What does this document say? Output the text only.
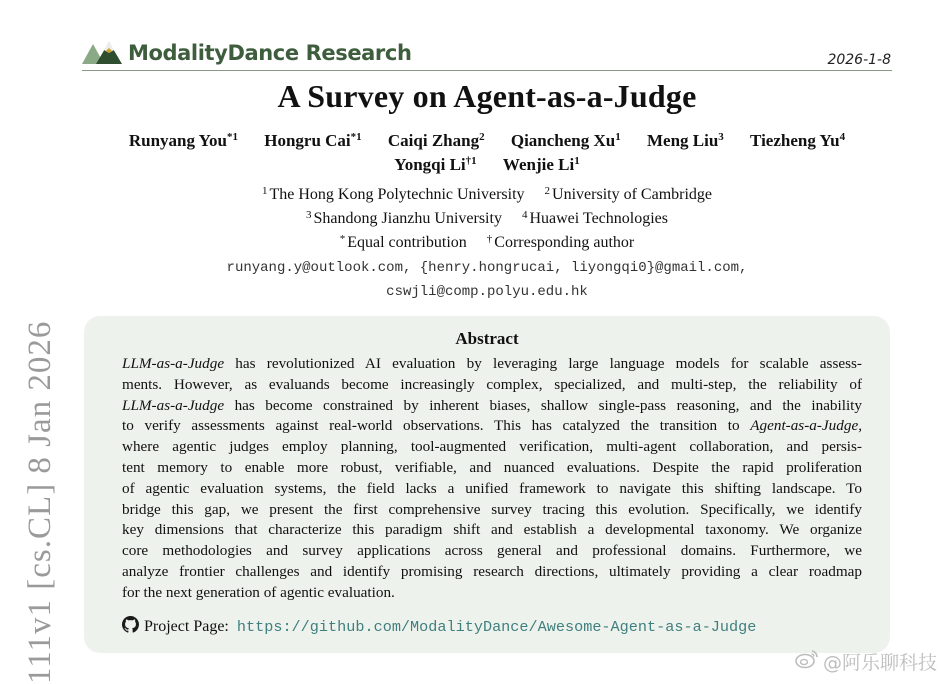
ModalityDance Research	2026-1-8
A Survey on Agent-as-a-Judge
Runyang You$^{*1}$ Hongru Cai$^{*1}$ Caiqi Zhang$^2$ Qiancheng Xu$^1$ Meng Liu$^3$ Tiezheng Yu$^4$
Yongqi Li$^{\dagger 1}$ Wenjie Li$^1$
$^1$ The Hong Kong Polytechnic University $^2$ University of Cambridge
$^3$ Shandong Jianzhu University $^4$ Huawei Technologies
* Equal contribution † Corresponding author
runyang.y@outlook.com, {henry.hongrucai, liyongqi0}@gmail.com,
cswjli@comp.polyu.edu.hk
Abstract
LLM-as-a-Judge has revolutionized AI evaluation by leveraging large language models for scalable assess-
ments. However, as evaluands become increasingly complex, specialized, and multi-step, the reliability of
LLM-as-a-Judge has become constrained by inherent biases, shallow single-pass reasoning, and the inability
to verify assessments against real-world observations. This has catalyzed the transition to Agent-as-a-Judge,
where agentic judges employ planning, tool-augmented verification, multi-agent collaboration, and persis-
tent memory to enable more robust, verifiable, and nuanced evaluations. Despite the rapid proliferation
of agentic evaluation systems, the field lacks a unified framework to navigate this shifting landscape. To
bridge this gap, we present the first comprehensive survey tracing this evolution. Specifically, we identify
key dimensions that characterize this paradigm shift and establish a developmental taxonomy. We organize
core methodologies and survey applications across general and professional domains. Furthermore, we
analyze frontier challenges and identify promising research directions, ultimately providing a clear roadmap
for the next generation of agentic evaluation.
Project Page: https://github.com/ModalityDance/Awesome-Agent-as-a-Judge
111v1 [cs.CL] 8 Jan 2026	@阿乐聊科技
